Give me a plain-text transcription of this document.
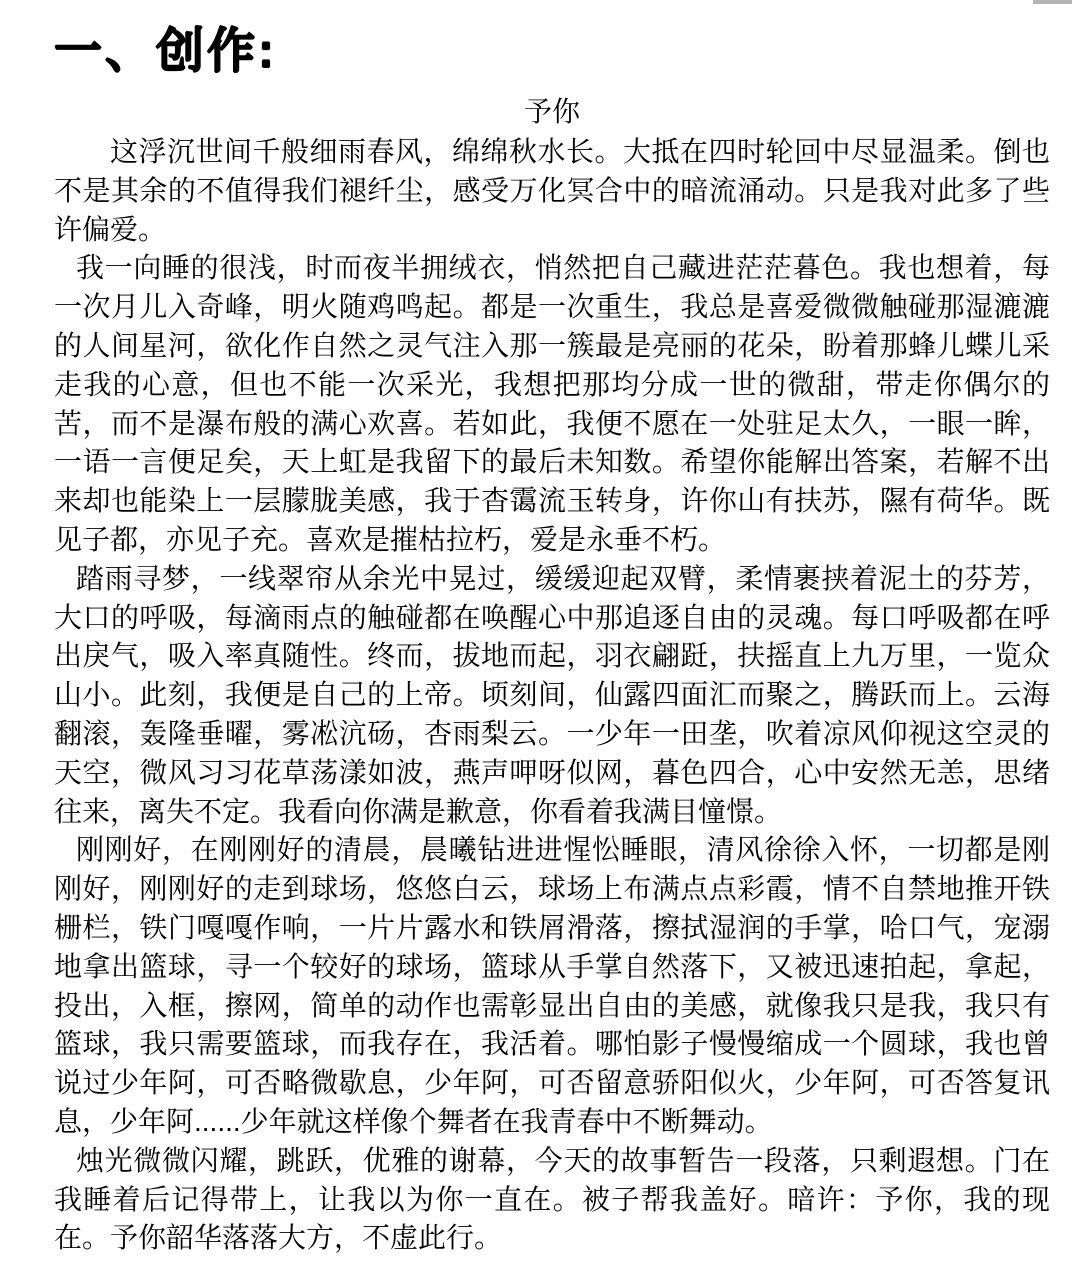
一、创作:
予你

这浮沉世间千般细雨春风，绵绵秋水长。大抵在四时轮回中尽显温柔。倒也不是其余的不值得我们褪纤尘，感受万化冥合中的暗流涌动。只是我对此多了些许偏爱。

我一向睡的很浅，时而夜半拥绒衣，悄然把自己藏进茫茫暮色。我也想着，每一次月儿入奇峰，明火随鸡鸣起。都是一次重生，我总是喜爱微微触碰那湿漉漉的人间星河，欲化作自然之灵气注入那一簇最是亮丽的花朵，盼着那蜂儿蝶儿采走我的心意，但也不能一次采光，我想把那均分成一世的微甜，带走你偶尔的苦，而不是瀑布般的满心欢喜。若如此，我便不愿在一处驻足太久，一眼一眸，一语一言便足矣，天上虹是我留下的最后未知数。希望你能解出答案，若解不出来却也能染上一层朦胧美感，我于杳霭流玉转身，许你山有扶苏，隰有荷华。既见子都，亦见子充。喜欢是摧枯拉朽，爱是永垂不朽。

踏雨寻梦，一线翠帘从余光中晃过，缓缓迎起双臂，柔情裹挟着泥土的芬芳，大口的呼吸，每滴雨点的触碰都在唤醒心中那追逐自由的灵魂。每口呼吸都在呼出戾气，吸入率真随性。终而，拔地而起，羽衣翩跹，扶摇直上九万里，一览众山小。此刻，我便是自己的上帝。顷刻间，仙露四面汇而聚之，腾跃而上。云海翻滚，轰隆垂曜，雾凇沆砀，杏雨梨云。一少年一田垄，吹着凉风仰视这空灵的天空，微风习习花草荡漾如波，燕声呷呀似网，暮色四合，心中安然无恙，思绪往来，离失不定。我看向你满是歉意，你看着我满目憧憬。

刚刚好，在刚刚好的清晨，晨曦钻进进惺忪睡眼，清风徐徐入怀，一切都是刚刚好，刚刚好的走到球场，悠悠白云，球场上布满点点彩霞，情不自禁地推开铁栅栏，铁门嘎嘎作响，一片片露水和铁屑滑落，擦拭湿润的手掌，哈口气，宠溺地拿出篮球，寻一个较好的球场，篮球从手掌自然落下，又被迅速拍起，拿起，投出，入框，擦网，简单的动作也需彰显出自由的美感，就像我只是我，我只有篮球，我只需要篮球，而我存在，我活着。哪怕影子慢慢缩成一个圆球，我也曾说过少年阿，可否略微歇息，少年阿，可否留意骄阳似火，少年阿，可否答复讯息，少年阿......少年就这样像个舞者在我青春中不断舞动。

烛光微微闪耀，跳跃，优雅的谢幕，今天的故事暂告一段落，只剩遐想。门在我睡着后记得带上，让我以为你一直在。被子帮我盖好。暗许：予你，我的现在。予你韶华落落大方，不虚此行。
